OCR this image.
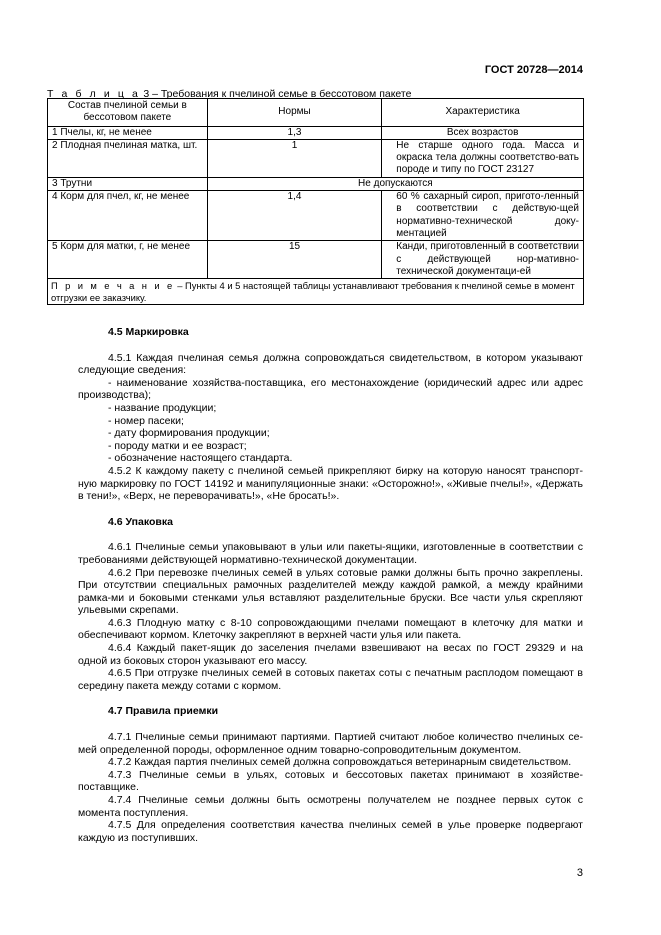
ГОСТ 20728—2014
Т а б л и ц а 3 – Требования к пчелиной семье в бессотовом пакете
Состав пчелиной семьи в бессотовом пакете	Нормы	Характеристика
1 Пчелы, кг, не менее	1,3	Всех возрастов
2 Плодная пчелиная матка, шт.	1	Не старше одного года. Масса и окраска тела должны соответство-вать породе и типу по ГОСТ 23127
3 Трутни	Не допускаются	
4 Корм для пчел, кг, не менее	1,4	60 % сахарный сироп, пригото-ленный в соответствии с действую-щей нормативно-технической доку-ментацией
5 Корм для матки, г, не менее	15	Канди, приготовленный в соответствии с действующей нор-мативно-технической документаци-ей
П р и м е ч а н и е – Пункты 4 и 5 настоящей таблицы устанавливают требования к пчелиной семье в момент отгрузки ее заказчику.		
4.5 Маркировка

4.5.1 Каждая пчелиная семья должна сопровождаться свидетельством, в котором указывают следующие сведения:

- наименование хозяйства-поставщика, его местонахождение (юридический адрес или адрес производства);

- название продукции;

- номер пасеки;

- дату формирования продукции;

- породу матки и ее возраст;

- обозначение настоящего стандарта.

4.5.2 К каждому пакету с пчелиной семьей прикрепляют бирку на которую наносят транспорт-ную маркировку по ГОСТ 14192 и манипуляционные знаки: «Осторожно!», «Живые пчелы!», «Держать в тени!», «Верх, не переворачивать!», «Не бросать!».

4.6 Упаковка

4.6.1 Пчелиные семьи упаковывают в ульи или пакеты-ящики, изготовленные в соответствии с требованиями действующей нормативно-технической документации.

4.6.2 При перевозке пчелиных семей в ульях сотовые рамки должны быть прочно закреплены. При отсутствии специальных рамочных разделителей между каждой рамкой, а между крайними рамка-ми и боковыми стенками улья вставляют разделительные бруски. Все части улья скрепляют ульевыми скрепами.

4.6.3 Плодную матку с 8-10 сопровождающими пчелами помещают в клеточку для матки и обеспечивают кормом. Клеточку закрепляют в верхней части улья или пакета.

4.6.4 Каждый пакет-ящик до заселения пчелами взвешивают на весах по ГОСТ 29329 и на одной из боковых сторон указывают его массу.

4.6.5 При отгрузке пчелиных семей в сотовых пакетах соты с печатным расплодом помещают в середину пакета между сотами с кормом.

4.7 Правила приемки

4.7.1 Пчелиные семьи принимают партиями. Партией считают любое количество пчелиных се-мей определенной породы, оформленное одним товарно-сопроводительным документом.

4.7.2 Каждая партия пчелиных семей должна сопровождаться ветеринарным свидетельством.

4.7.3 Пчелиные семьи в ульях, сотовых и бессотовых пакетах принимают в хозяйстве-поставщике.

4.7.4 Пчелиные семьи должны быть осмотрены получателем не позднее первых суток с момента поступления.

4.7.5 Для определения соответствия качества пчелиных семей в улье проверке подвергают каждую из поступивших.

3
